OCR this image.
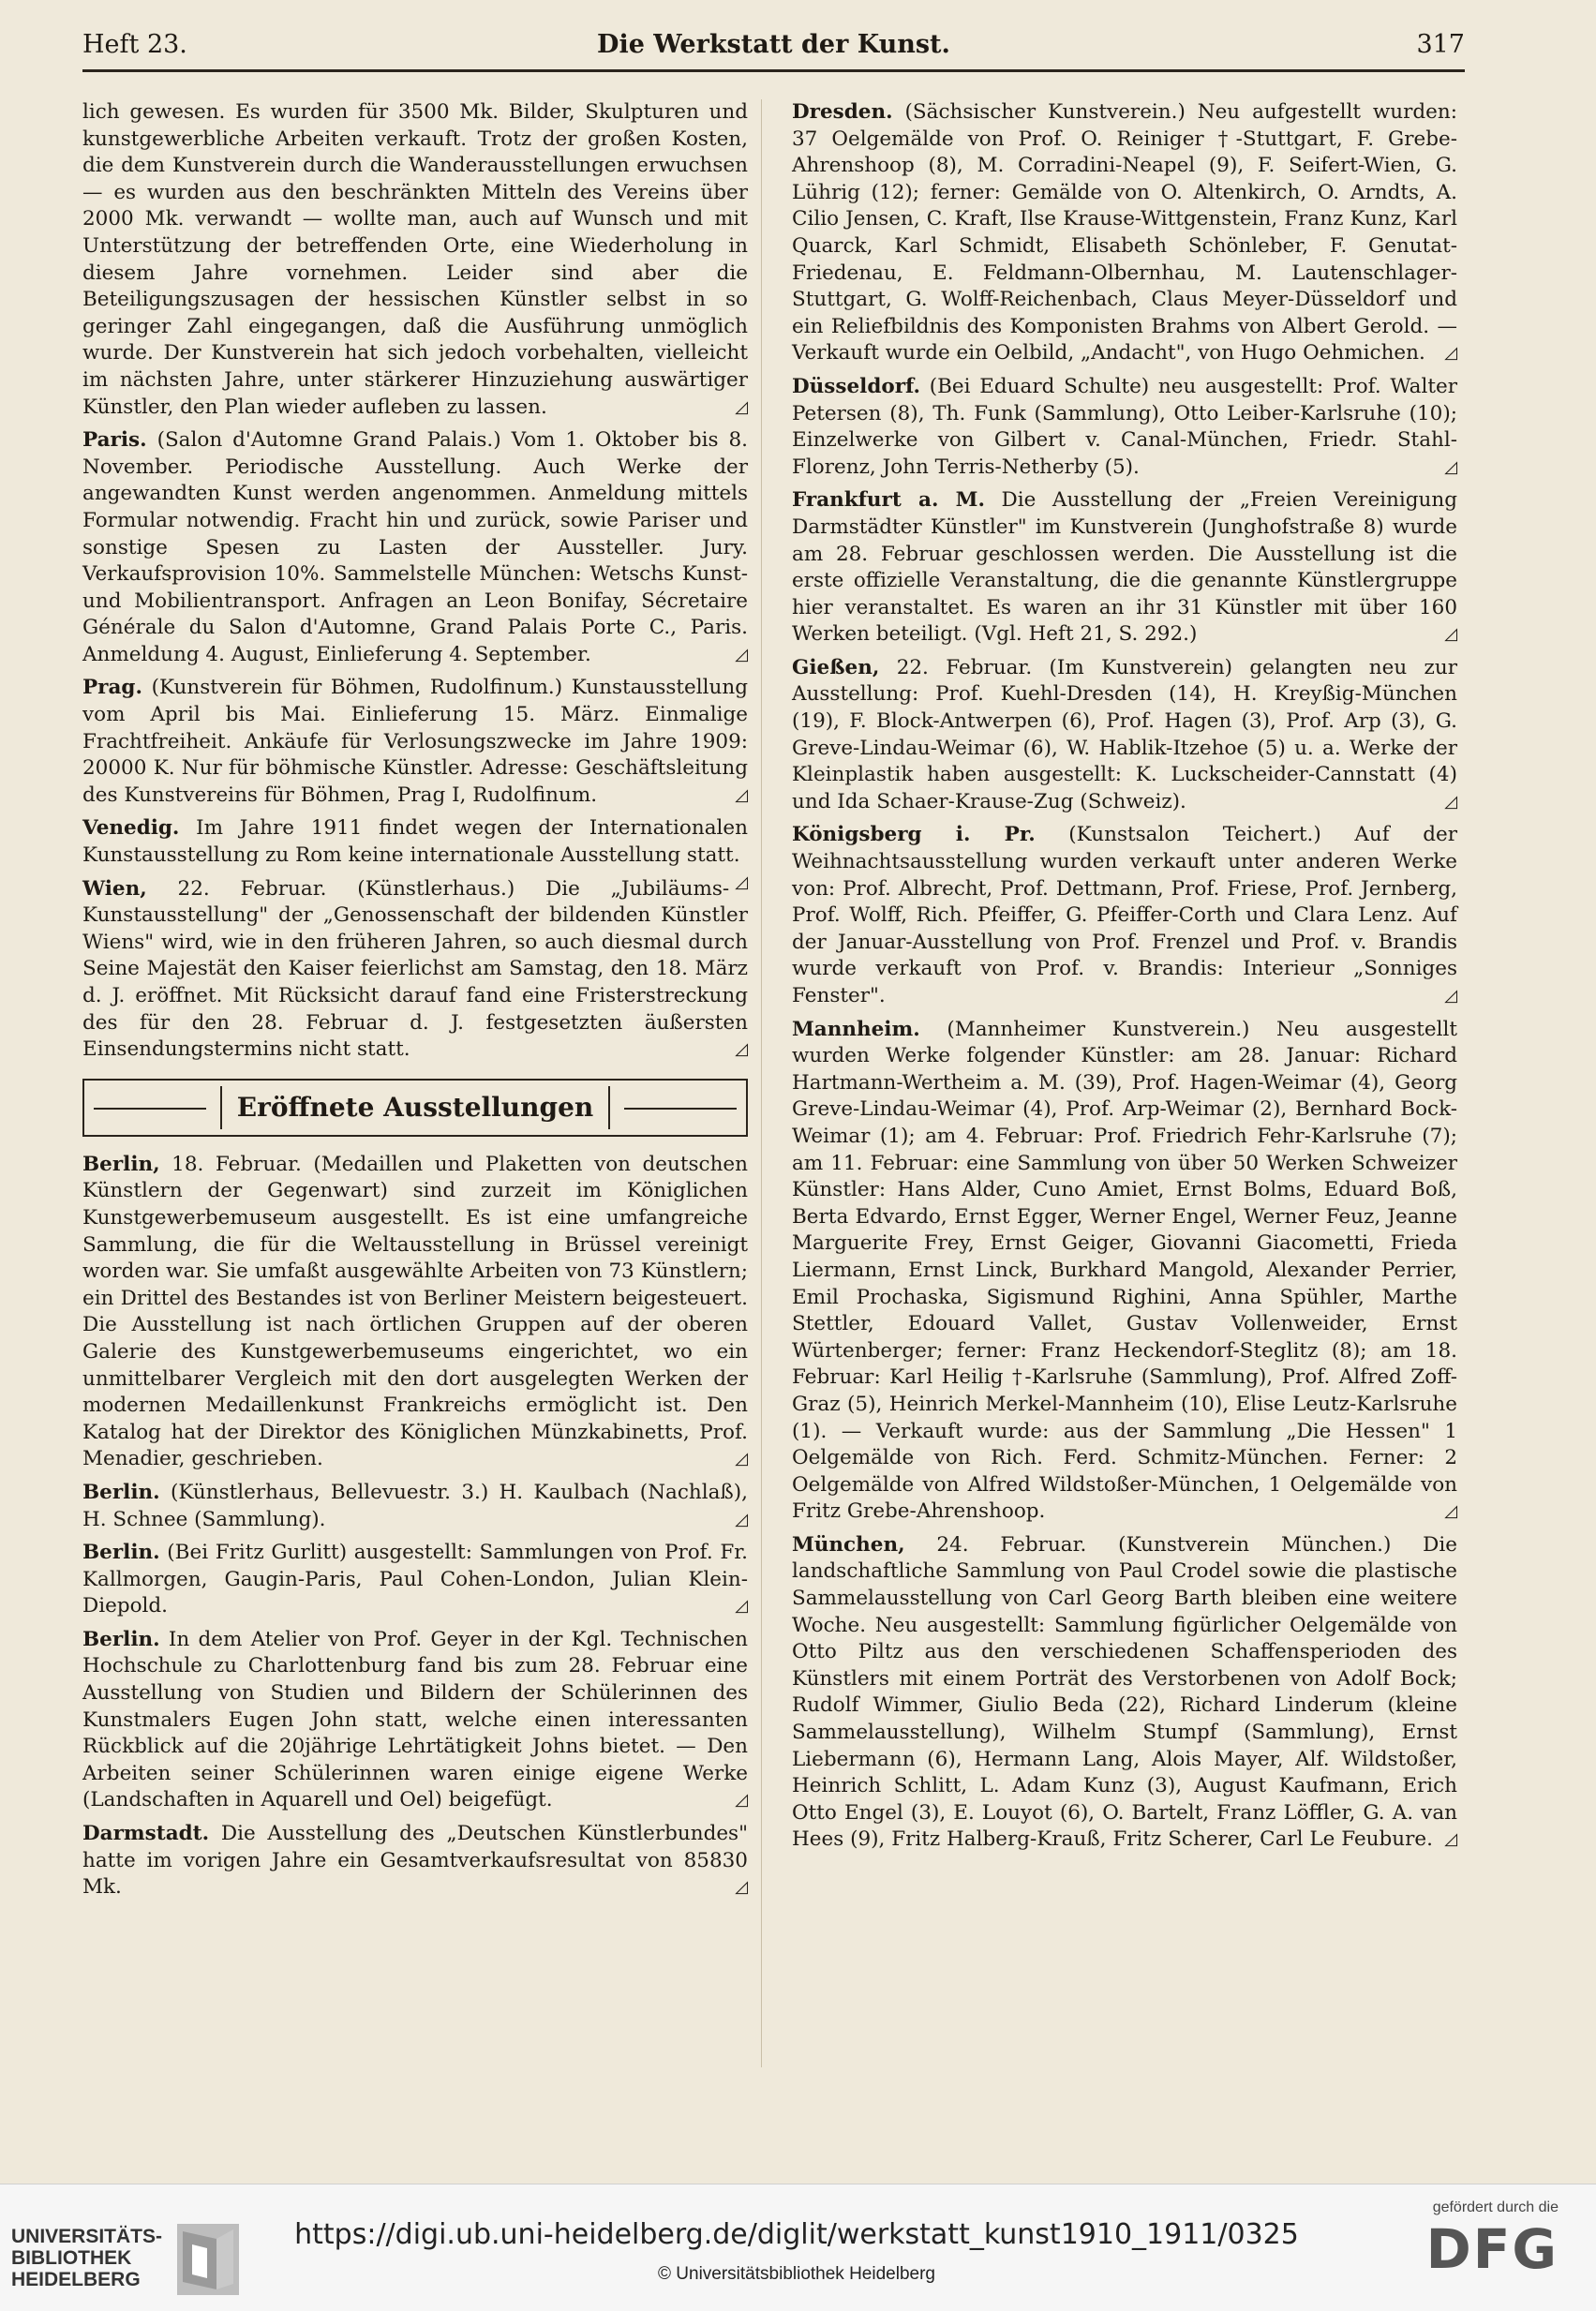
Heft 23.	Die Werkstatt der Kunst.	317

lich gewesen. Es wurden für 3500 Mk. Bilder, Skulpturen und kunstgewerbliche Arbeiten verkauft. Trotz der großen Kosten, die dem Kunstverein durch die Wanderausstellungen erwuchsen — es wurden aus den beschränkten Mitteln des Vereins über 2000 Mk. verwandt — wollte man, auch auf Wunsch und mit Unterstützung der betreffenden Orte, eine Wiederholung in diesem Jahre vornehmen. Leider sind aber die Beteiligungszusagen der hessischen Künstler selbst in so geringer Zahl eingegangen, daß die Ausführung unmöglich wurde. Der Kunstverein hat sich jedoch vorbehalten, vielleicht im nächsten Jahre, unter stärkerer Hinzuziehung auswärtiger Künstler, den Plan wieder aufleben zu lassen.	◿

Paris. (Salon d'Automne Grand Palais.) Vom 1. Oktober bis 8. November. Periodische Ausstellung. Auch Werke der angewandten Kunst werden angenommen. Anmeldung mittels Formular notwendig. Fracht hin und zurück, sowie Pariser und sonstige Spesen zu Lasten der Aussteller. Jury. Verkaufsprovision 10%. Sammelstelle München: Wetschs Kunst- und Mobilientransport. Anfragen an Leon Bonifay, Sécretaire Générale du Salon d'Automne, Grand Palais Porte C., Paris. Anmeldung 4. August, Einlieferung 4. September.	◿

Prag. (Kunstverein für Böhmen, Rudolfinum.) Kunstausstellung vom April bis Mai. Einlieferung 15. März. Einmalige Frachtfreiheit. Ankäufe für Verlosungszwecke im Jahre 1909: 20000 K. Nur für böhmische Künstler. Adresse: Geschäftsleitung des Kunstvereins für Böhmen, Prag I, Rudolfinum.	◿

Venedig. Im Jahre 1911 findet wegen der Internationalen Kunstausstellung zu Rom keine internationale Ausstellung statt.
◿

Wien, 22. Februar. (Künstlerhaus.) Die „Jubiläums-Kunstausstellung" der „Genossenschaft der bildenden Künstler Wiens" wird, wie in den früheren Jahren, so auch diesmal durch Seine Majestät den Kaiser feierlichst am Samstag, den 18. März d. J. eröffnet. Mit Rücksicht darauf fand eine Fristerstreckung des für den 28. Februar d. J. festgesetzten äußersten Einsendungstermins nicht statt.	◿

Eröffnete Ausstellungen

Berlin, 18. Februar. (Medaillen und Plaketten von deutschen Künstlern der Gegenwart) sind zurzeit im Königlichen Kunstgewerbemuseum ausgestellt. Es ist eine umfangreiche Sammlung, die für die Weltausstellung in Brüssel vereinigt worden war. Sie umfaßt ausgewählte Arbeiten von 73 Künstlern; ein Drittel des Bestandes ist von Berliner Meistern beigesteuert. Die Ausstellung ist nach örtlichen Gruppen auf der oberen Galerie des Kunstgewerbemuseums eingerichtet, wo ein unmittelbarer Vergleich mit den dort ausgelegten Werken der modernen Medaillenkunst Frankreichs ermöglicht ist. Den Katalog hat der Direktor des Königlichen Münzkabinetts, Prof. Menadier, geschrieben.	◿

Berlin. (Künstlerhaus, Bellevuestr. 3.) H. Kaulbach (Nachlaß), H. Schnee (Sammlung).	◿

Berlin. (Bei Fritz Gurlitt) ausgestellt: Sammlungen von Prof. Fr. Kallmorgen, Gaugin-Paris, Paul Cohen-London, Julian Klein-Diepold.	◿

Berlin. In dem Atelier von Prof. Geyer in der Kgl. Technischen Hochschule zu Charlottenburg fand bis zum 28. Februar eine Ausstellung von Studien und Bildern der Schülerinnen des Kunstmalers Eugen John statt, welche einen interessanten Rückblick auf die 20jährige Lehrtätigkeit Johns bietet. — Den Arbeiten seiner Schülerinnen waren einige eigene Werke (Landschaften in Aquarell und Oel) beigefügt.	◿

Darmstadt. Die Ausstellung des „Deutschen Künstlerbundes" hatte im vorigen Jahre ein Gesamtverkaufsresultat von 85830 Mk.	◿

Dresden. (Sächsischer Kunstverein.) Neu aufgestellt wurden: 37 Oelgemälde von Prof. O. Reiniger †-Stuttgart, F. Grebe-Ahrenshoop (8), M. Corradini-Neapel (9), F. Seifert-Wien, G. Lührig (12); ferner: Gemälde von O. Altenkirch, O. Arndts, A. Cilio Jensen, C. Kraft, Ilse Krause-Wittgenstein, Franz Kunz, Karl Quarck, Karl Schmidt, Elisabeth Schönleber, F. Genutat-Friedenau, E. Feldmann-Olbernhau, M. Lautenschlager-Stuttgart, G. Wolff-Reichenbach, Claus Meyer-Düsseldorf und ein Reliefbildnis des Komponisten Brahms von Albert Gerold. — Verkauft wurde ein Oelbild, „Andacht", von Hugo Oehmichen. ◿

Düsseldorf. (Bei Eduard Schulte) neu ausgestellt: Prof. Walter Petersen (8), Th. Funk (Sammlung), Otto Leiber-Karlsruhe (10); Einzelwerke von Gilbert v. Canal-München, Friedr. Stahl-Florenz, John Terris-Netherby (5).	◿

Frankfurt a. M. Die Ausstellung der „Freien Vereinigung Darmstädter Künstler" im Kunstverein (Junghofstraße 8) wurde am 28. Februar geschlossen werden. Die Ausstellung ist die erste offizielle Veranstaltung, die die genannte Künstlergruppe hier veranstaltet. Es waren an ihr 31 Künstler mit über 160 Werken beteiligt. (Vgl. Heft 21, S. 292.)	◿

Gießen, 22. Februar. (Im Kunstverein) gelangten neu zur Ausstellung: Prof. Kuehl-Dresden (14), H. Kreyßig-München (19), F. Block-Antwerpen (6), Prof. Hagen (3), Prof. Arp (3), G. Greve-Lindau-Weimar (6), W. Hablik-Itzehoe (5) u. a. Werke der Kleinplastik haben ausgestellt: K. Luckscheider-Cannstatt (4) und Ida Schaer-Krause-Zug (Schweiz).	◿

Königsberg i. Pr. (Kunstsalon Teichert.) Auf der Weihnachtsausstellung wurden verkauft unter anderen Werke von: Prof. Albrecht, Prof. Dettmann, Prof. Friese, Prof. Jernberg, Prof. Wolff, Rich. Pfeiffer, G. Pfeiffer-Corth und Clara Lenz. Auf der Januar-Ausstellung von Prof. Frenzel und Prof. v. Brandis wurde verkauft von Prof. v. Brandis: Interieur „Sonniges Fenster".	◿

Mannheim. (Mannheimer Kunstverein.) Neu ausgestellt wurden Werke folgender Künstler: am 28. Januar: Richard Hartmann-Wertheim a. M. (39), Prof. Hagen-Weimar (4), Georg Greve-Lindau-Weimar (4), Prof. Arp-Weimar (2), Bernhard Bock-Weimar (1); am 4. Februar: Prof. Friedrich Fehr-Karlsruhe (7); am 11. Februar: eine Sammlung von über 50 Werken Schweizer Künstler: Hans Alder, Cuno Amiet, Ernst Bolms, Eduard Boß, Berta Edvardo, Ernst Egger, Werner Engel, Werner Feuz, Jeanne Marguerite Frey, Ernst Geiger, Giovanni Giacometti, Frieda Liermann, Ernst Linck, Burkhard Mangold, Alexander Perrier, Emil Prochaska, Sigismund Righini, Anna Spühler, Marthe Stettler, Edouard Vallet, Gustav Vollenweider, Ernst Würtenberger; ferner: Franz Heckendorf-Steglitz (8); am 18. Februar: Karl Heilig †-Karlsruhe (Sammlung), Prof. Alfred Zoff-Graz (5), Heinrich Merkel-Mannheim (10), Elise Leutz-Karlsruhe (1). — Verkauft wurde: aus der Sammlung „Die Hessen" 1 Oelgemälde von Rich. Ferd. Schmitz-München. Ferner: 2 Oelgemälde von Alfred Wildstoßer-München, 1 Oelgemälde von Fritz Grebe-Ahrenshoop.	◿

München, 24. Februar. (Kunstverein München.) Die landschaftliche Sammlung von Paul Crodel sowie die plastische Sammelausstellung von Carl Georg Barth bleiben eine weitere Woche. Neu ausgestellt: Sammlung figürlicher Oelgemälde von Otto Piltz aus den verschiedenen Schaffensperioden des Künstlers mit einem Porträt des Verstorbenen von Adolf Bock; Rudolf Wimmer, Giulio Beda (22), Richard Linderum (kleine Sammelausstellung), Wilhelm Stumpf (Sammlung), Ernst Liebermann (6), Hermann Lang, Alois Mayer, Alf. Wildstoßer, Heinrich Schlitt, L. Adam Kunz (3), August Kaufmann, Erich Otto Engel (3), E. Louyot (6), O. Bartelt, Franz Löffler, G. A. van Hees (9), Fritz Halberg-Krauß, Fritz Scherer, Carl Le Feubure. ◿

UNIVERSITÄTS-
BIBLIOTHEK
HEIDELBERG
https://digi.ub.uni-heidelberg.de/diglit/werkstatt_kunst1910_1911/0325
© Universitätsbibliothek Heidelberg
gefördert durch die
DFG
